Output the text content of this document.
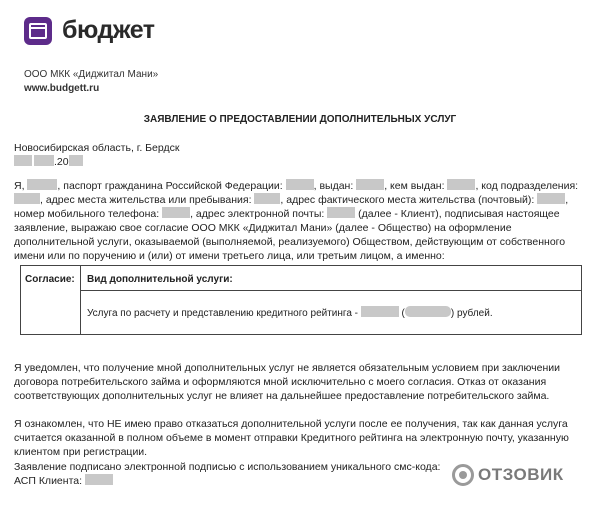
бюджет
ООО МКК «Диджитал Мани»
www.budgett.ru
ЗАЯВЛЕНИЕ О ПРЕДОСТАВЛЕНИИ ДОПОЛНИТЕЛЬНЫХ УСЛУГ
Новосибирская область, г. Бердск
.20
Я,	, паспорт гражданина Российской Федерации:	, выдан:	, кем выдан:	, код подразделения: , адрес места жительства или пребывания: , адрес фактического места жительства (почтовый):	, номер мобильного телефона:	, адрес электронной почты:	(далее - Клиент), подписывая настоящее заявление, выражаю свое согласие ООО МКК «Диджитал Мани» (далее - Общество) на оформление дополнительной услуги, оказываемой (выполняемой, реализуемого) Обществом, действующим от собственного имени или по поручению и (или) от имени третьего лица, или третьим лицом, а именно:
Согласие: Вид дополнительной услуги:
Услуга по расчету и представлению кредитного рейтинга -	(	) рублей.
Я уведомлен, что получение мной дополнительных услуг не является обязательным условием при заключении договора потребительского займа и оформляются мной исключительно с моего согласия. Отказ от оказания соответствующих дополнительных услуг не влияет на дальнейшее предоставление потребительского займа.
Я ознакомлен, что НЕ имею право отказаться дополнительной услуги после ее получения, так как данная услуга считается оказанной в полном объеме в момент отправки Кредитного рейтинга на электронную почту, указанную клиентом при регистрации.
Заявление подписано электронной подписью с использованием уникального смс-кода:
АСП Клиента:	ОТЗОВИК
